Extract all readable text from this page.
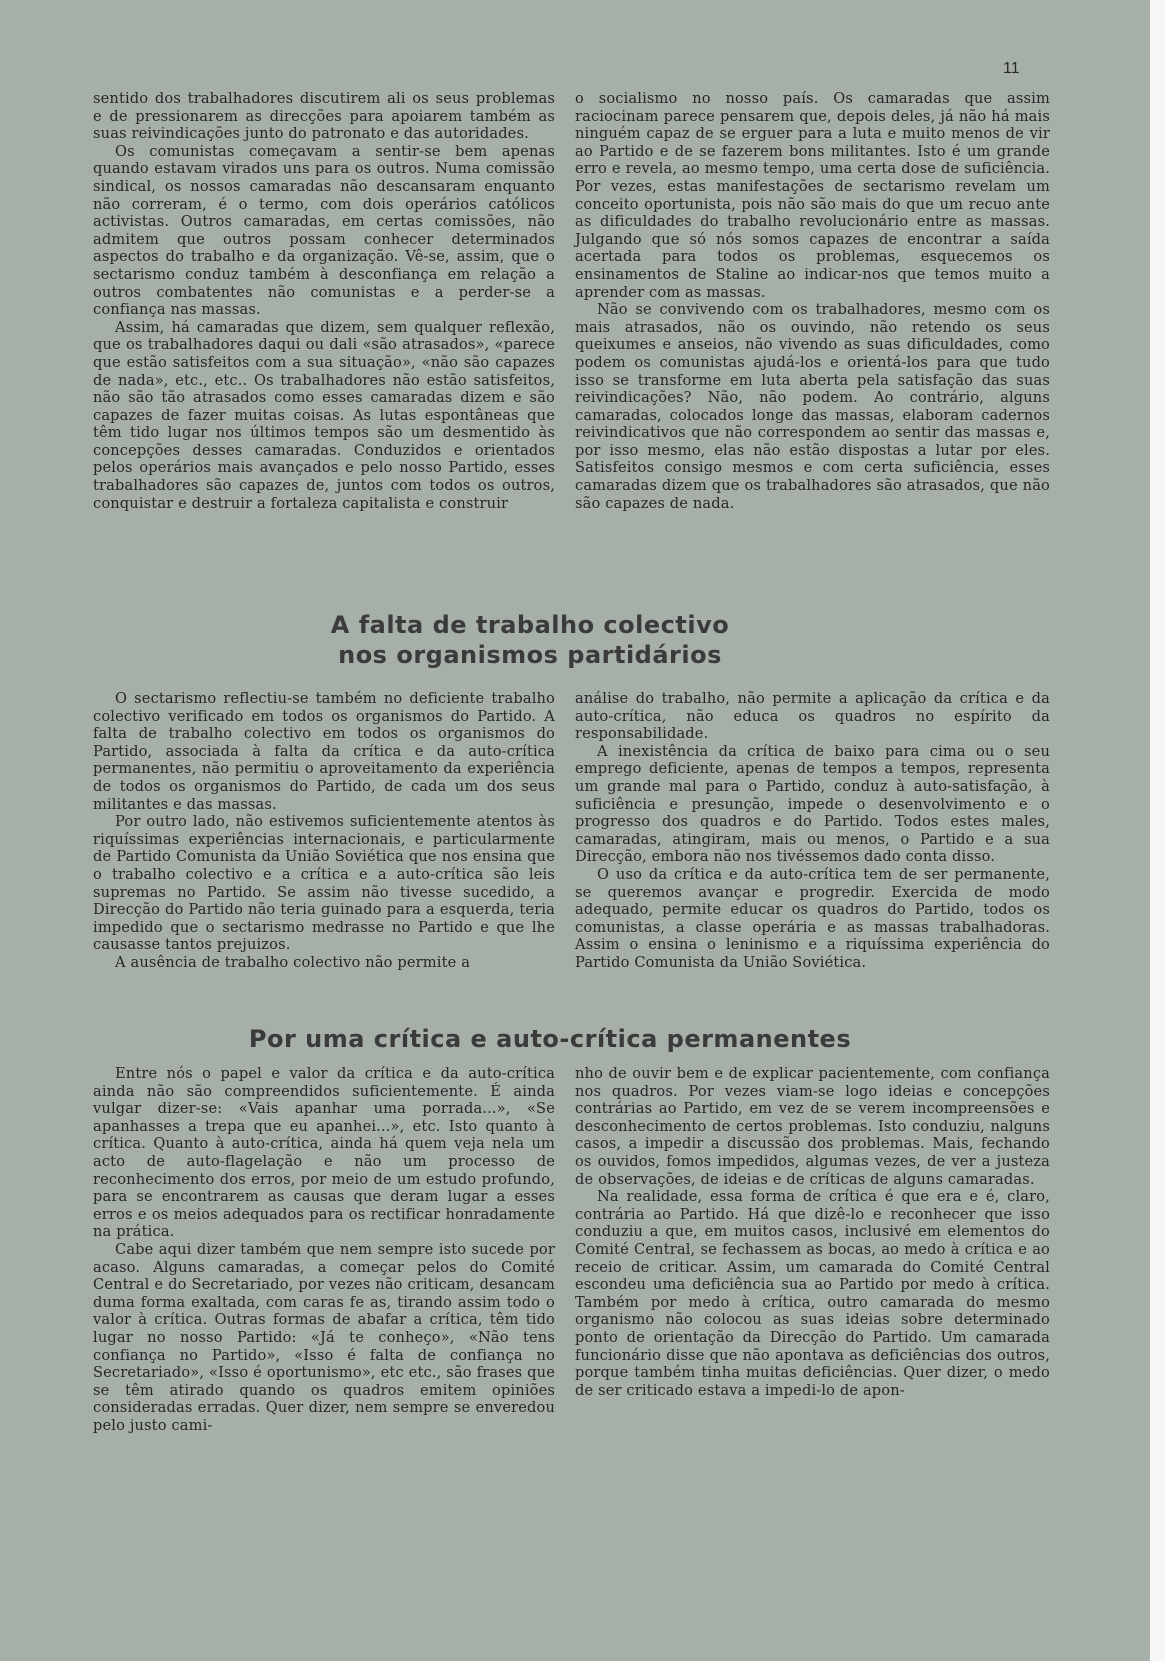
11

sentido dos trabalhadores discutirem ali os seus problemas e de pressionarem as direcções para apoiarem também as suas reivindicações junto do patronato e das autoridades.

Os comunistas começavam a sentir-se bem apenas quando estavam virados uns para os outros. Numa comissão sindical, os nossos camaradas não descansaram enquanto não correram, é o termo, com dois operários católicos activistas. Outros camaradas, em certas comissões, não admitem que outros possam conhecer determinados aspectos do trabalho e da organização. Vê-se, assim, que o sectarismo conduz também à desconfiança em relação a outros combatentes não comunistas e a perder-se a confiança nas massas.

Assim, há camaradas que dizem, sem qualquer reflexão, que os trabalhadores daqui ou dali «são atrasados», «parece que estão satisfeitos com a sua situação», «não são capazes de nada», etc., etc.. Os trabalhadores não estão satisfeitos, não são tão atrasados como esses camaradas dizem e são capazes de fazer muitas coisas. As lutas espontâneas que têm tido lugar nos últimos tempos são um desmentido às concepções desses camaradas. Conduzidos e orientados pelos operários mais avançados e pelo nosso Partido, esses trabalhadores são capazes de, juntos com todos os outros, conquistar e destruir a fortaleza capitalista e construir

o socialismo no nosso país. Os camaradas que assim raciocinam parece pensarem que, depois deles, já não há mais ninguém capaz de se erguer para a luta e muito menos de vir ao Partido e de se fazerem bons militantes. Isto é um grande erro e revela, ao mesmo tempo, uma certa dose de suficiência. Por vezes, estas manifestações de sectarismo revelam um conceito oportunista, pois não são mais do que um recuo ante as dificuldades do trabalho revolucionário entre as massas. Julgando que só nós somos capazes de encontrar a saída acertada para todos os problemas, esquecemos os ensinamentos de Staline ao indicar-nos que temos muito a aprender com as massas.

Não se convivendo com os trabalhadores, mesmo com os mais atrasados, não os ouvindo, não retendo os seus queixumes e anseios, não vivendo as suas dificuldades, como podem os comunistas ajudá-los e orientá-los para que tudo isso se transforme em luta aberta pela satisfação das suas reivindicações? Não, não podem. Ao contrário, alguns camaradas, colocados longe das massas, elaboram cadernos reivindicativos que não correspondem ao sentir das massas e, por isso mesmo, elas não estão dispostas a lutar por eles. Satisfeitos consigo mesmos e com certa suficiência, esses camaradas dizem que os trabalhadores são atrasados, que não são capazes de nada.

A falta de trabalho colectivo
nos organismos partidários

O sectarismo reflectiu-se também no deficiente trabalho colectivo verificado em todos os organismos do Partido. A falta de trabalho colectivo em todos os organismos do Partido, associada à falta da crítica e da auto-crítica permanentes, não permitiu o aproveitamento da experiência de todos os organismos do Partido, de cada um dos seus militantes e das massas.

Por outro lado, não estivemos suficientemente atentos às riquíssimas experiências internacionais, e particularmente de Partido Comunista da União Soviética que nos ensina que o trabalho colectivo e a crítica e a auto-crítica são leis supremas no Partido. Se assim não tivesse sucedido, a Direcção do Partido não teria guinado para a esquerda, teria impedido que o sectarismo medrasse no Partido e que lhe causasse tantos prejuizos.

A ausência de trabalho colectivo não permite a

análise do trabalho, não permite a aplicação da crítica e da auto-crítica, não educa os quadros no espírito da responsabilidade.

A inexistência da crítica de baixo para cima ou o seu emprego deficiente, apenas de tempos a tempos, representa um grande mal para o Partido, conduz à auto-satisfação, à suficiência e presunção, impede o desenvolvimento e o progresso dos quadros e do Partido. Todos estes males, camaradas, atingiram, mais ou menos, o Partido e a sua Direcção, embora não nos tivéssemos dado conta disso.

O uso da crítica e da auto-crítica tem de ser permanente, se queremos avançar e progredir. Exercida de modo adequado, permite educar os quadros do Partido, todos os comunistas, a classe operária e as massas trabalhadoras. Assim o ensina o leninismo e a riquíssima experiência do Partido Comunista da União Soviética.

Por uma crítica e auto-crítica permanentes

Entre nós o papel e valor da crítica e da auto-crítica ainda não são compreendidos suficientemente. É ainda vulgar dizer-se: «Vais apanhar uma porrada...», «Se apanhasses a trepa que eu apanhei...», etc. Isto quanto à crítica. Quanto à auto-crítica, ainda há quem veja nela um acto de auto-flagelação e não um processo de reconhecimento dos erros, por meio de um estudo profundo, para se encontrarem as causas que deram lugar a esses erros e os meios adequados para os rectificar honradamente na prática.

Cabe aqui dizer também que nem sempre isto sucede por acaso. Alguns camaradas, a começar pelos do Comité Central e do Secretariado, por vezes não criticam, desancam duma forma exaltada, com caras fe as, tirando assim todo o valor à crítica. Outras formas de abafar a crítica, têm tido lugar no nosso Partido: «Já te conheço», «Não tens confiança no Partido», «Isso é falta de confiança no Secretariado», «Isso é oportunismo», etc etc., são frases que se têm atirado quando os quadros emitem opiniões consideradas erradas. Quer dizer, nem sempre se enveredou pelo justo cami-

nho de ouvir bem e de explicar pacientemente, com confiança nos quadros. Por vezes viam-se logo ideias e concepções contrárias ao Partido, em vez de se verem incompreensões e desconhecimento de certos problemas. Isto conduziu, nalguns casos, a impedir a discussão dos problemas. Mais, fechando os ouvidos, fomos impedidos, algumas vezes, de ver a justeza de observações, de ideias e de críticas de alguns camaradas.

Na realidade, essa forma de crítica é que era e é, claro, contrária ao Partido. Há que dizê-lo e reconhecer que isso conduziu a que, em muitos casos, inclusivé em elementos do Comité Central, se fechassem as bocas, ao medo à crítica e ao receio de criticar. Assim, um camarada do Comité Central escondeu uma deficiência sua ao Partido por medo à crítica. Também por medo à crítica, outro camarada do mesmo organismo não colocou as suas ideias sobre determinado ponto de orientação da Direcção do Partido. Um camarada funcionário disse que não apontava as deficiências dos outros, porque também tinha muitas deficiências. Quer dizer, o medo de ser criticado estava a impedi-lo de apon-
